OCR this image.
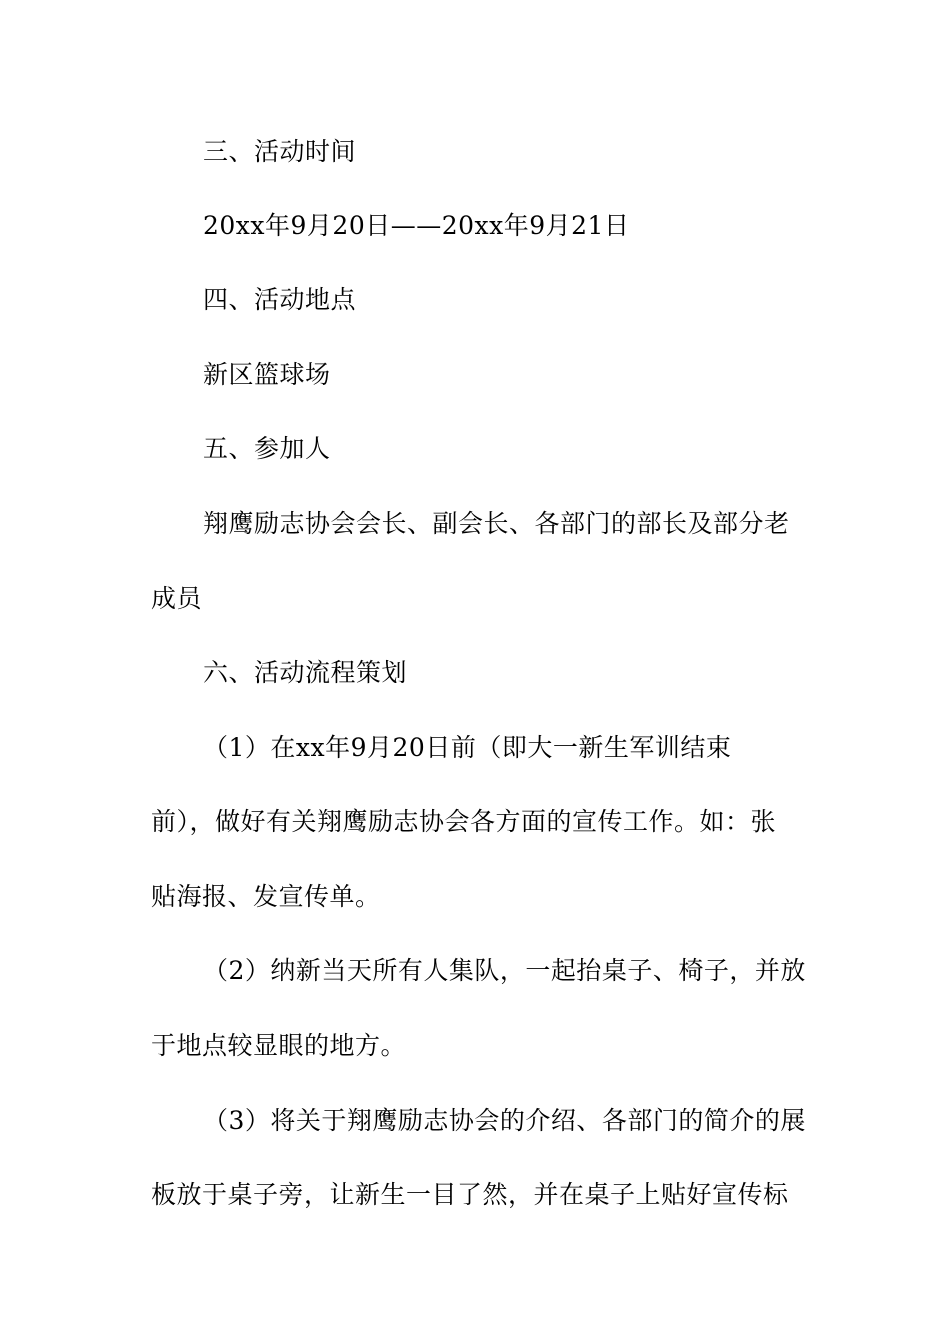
三、活动时间
20xx年9月20日——20xx年9月21日
四、活动地点
新区篮球场
五、参加人
翔鹰励志协会会长、副会长、各部门的部长及部分老
成员
六、活动流程策划
（1）在xx年9月20日前（即大一新生军训结束
前），做好有关翔鹰励志协会各方面的宣传工作。如：张
贴海报、发宣传单。
（2）纳新当天所有人集队，一起抬桌子、椅子，并放
于地点较显眼的地方。
（3）将关于翔鹰励志协会的介绍、各部门的简介的展
板放于桌子旁，让新生一目了然，并在桌子上贴好宣传标
